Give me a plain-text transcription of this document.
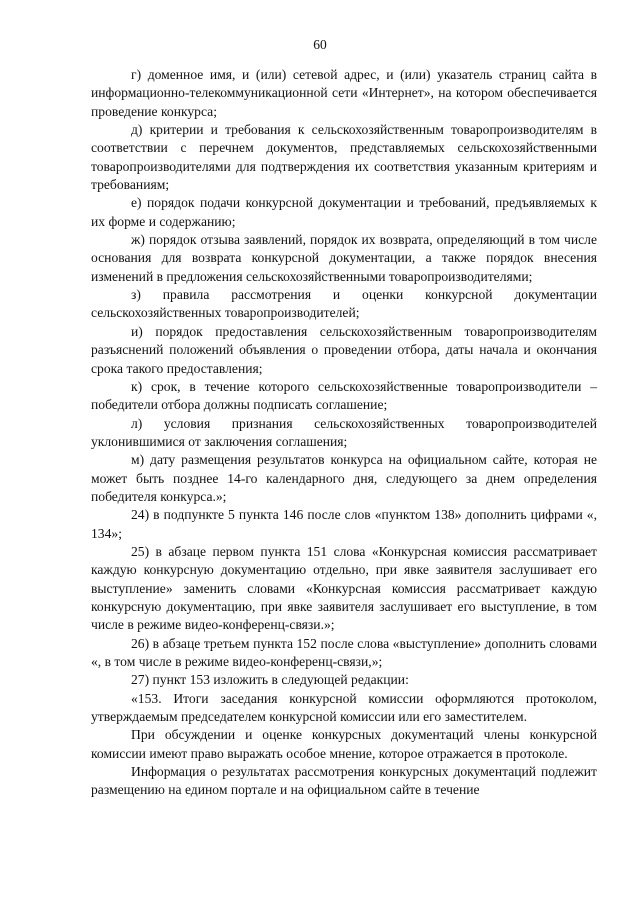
60

г) доменное имя, и (или) сетевой адрес, и (или) указатель страниц сайта в информационно-телекоммуникационной сети «Интернет», на котором обеспечивается проведение конкурса;

д) критерии и требования к сельскохозяйственным товаропроизводителям в соответствии с перечнем документов, представляемых сельскохозяйственными товаропроизводителями для подтверждения их соответствия указанным критериям и требованиям;

е) порядок подачи конкурсной документации и требований, предъявляемых к их форме и содержанию;

ж) порядок отзыва заявлений, порядок их возврата, определяющий в том числе основания для возврата конкурсной документации, а также порядок внесения изменений в предложения сельскохозяйственными товаропроизводителями;

з) правила рассмотрения и оценки конкурсной документации сельскохозяйственных товаропроизводителей;

и) порядок предоставления сельскохозяйственным товаропроизводителям разъяснений положений объявления о проведении отбора, даты начала и окончания срока такого предоставления;

к) срок, в течение которого сельскохозяйственные товаропроизводители – победители отбора должны подписать соглашение;

л) условия признания сельскохозяйственных товаропроизводителей уклонившимися от заключения соглашения;

м) дату размещения результатов конкурса на официальном сайте, которая не может быть позднее 14-го календарного дня, следующего за днем определения победителя конкурса.»;

24) в подпункте 5 пункта 146 после слов «пунктом 138» дополнить цифрами «, 134»;

25) в абзаце первом пункта 151 слова «Конкурсная комиссия рассматривает каждую конкурсную документацию отдельно, при явке заявителя заслушивает его выступление» заменить словами «Конкурсная комиссия рассматривает каждую конкурсную документацию, при явке заявителя заслушивает его выступление, в том числе в режиме видео-конференц-связи.»;

26) в абзаце третьем пункта 152 после слова «выступление» дополнить словами «, в том числе в режиме видео-конференц-связи,»;

27) пункт 153 изложить в следующей редакции:

«153. Итоги заседания конкурсной комиссии оформляются протоколом, утверждаемым председателем конкурсной комиссии или его заместителем.

При обсуждении и оценке конкурсных документаций члены конкурсной комиссии имеют право выражать особое мнение, которое отражается в протоколе.

Информация о результатах рассмотрения конкурсных документаций подлежит размещению на едином портале и на официальном сайте в течение
